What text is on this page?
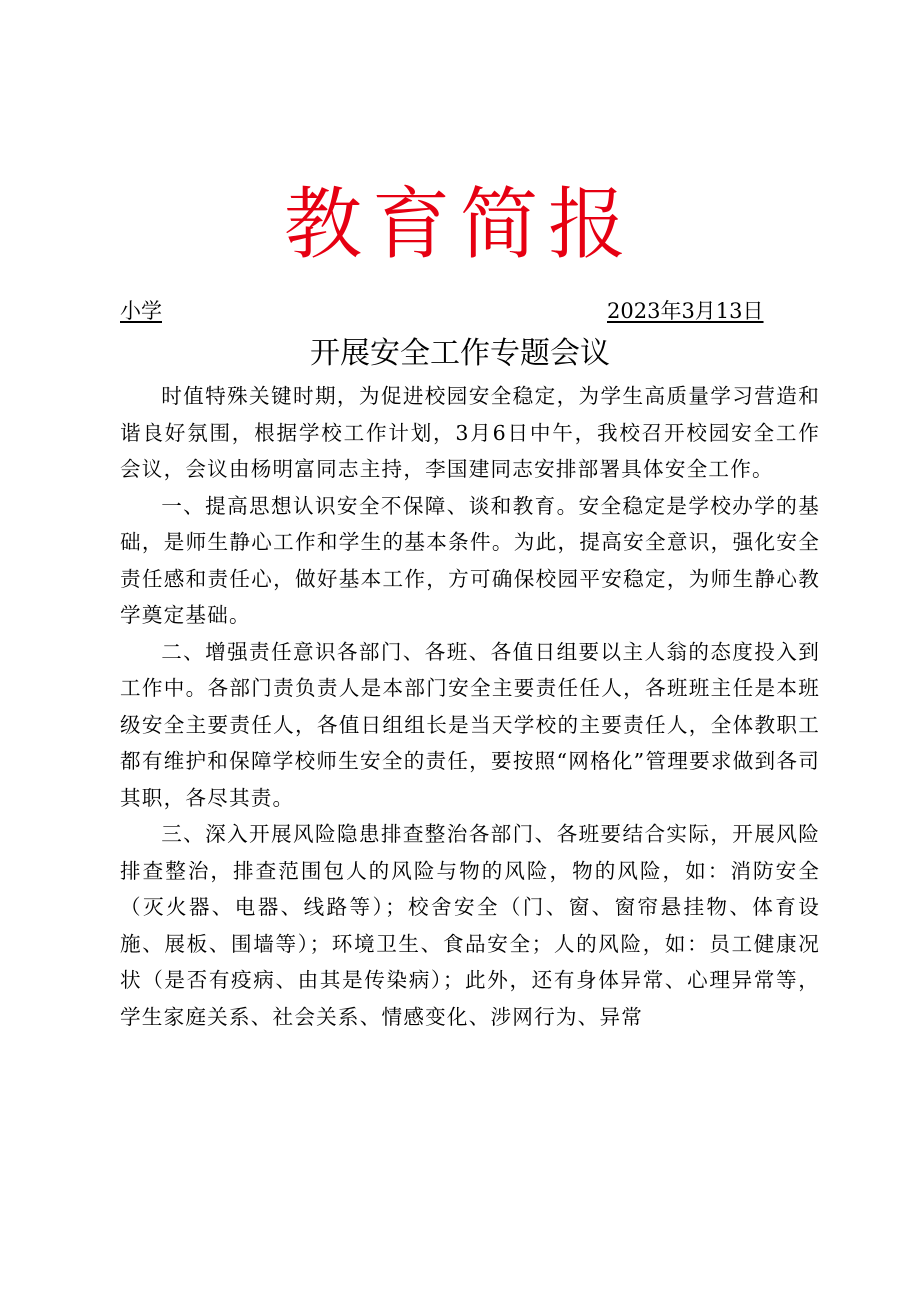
教育简报
小学	2023年3月13日
开展安全工作专题会议

时值特殊关键时期，为促进校园安全稳定，为学生高质量学习营造和谐良好氛围，根据学校工作计划，3月6日中午，我校召开校园安全工作会议，会议由杨明富同志主持，李国建同志安排部署具体安全工作。

一、提高思想认识安全不保障、谈和教育。安全稳定是学校办学的基础，是师生静心工作和学生的基本条件。为此，提高安全意识，强化安全责任感和责任心，做好基本工作，方可确保校园平安稳定，为师生静心教学奠定基础。

二、增强责任意识各部门、各班、各值日组要以主人翁的态度投入到工作中。各部门责负责人是本部门安全主要责任任人，各班班主任是本班级安全主要责任人，各值日组组长是当天学校的主要责任人，全体教职工都有维护和保障学校师生安全的责任，要按照“网格化”管理要求做到各司其职，各尽其责。

三、深入开展风险隐患排查整治各部门、各班要结合实际，开展风险排查整治，排查范围包人的风险与物的风险，物的风险，如：消防安全（灭火器、电器、线路等）；校舍安全（门、窗、窗帘悬挂物、体育设施、展板、围墙等）；环境卫生、食品安全；人的风险，如：员工健康况状（是否有疫病、由其是传染病）；此外，还有身体异常、心理异常等，学生家庭关系、社会关系、情感变化、涉网行为、异常
